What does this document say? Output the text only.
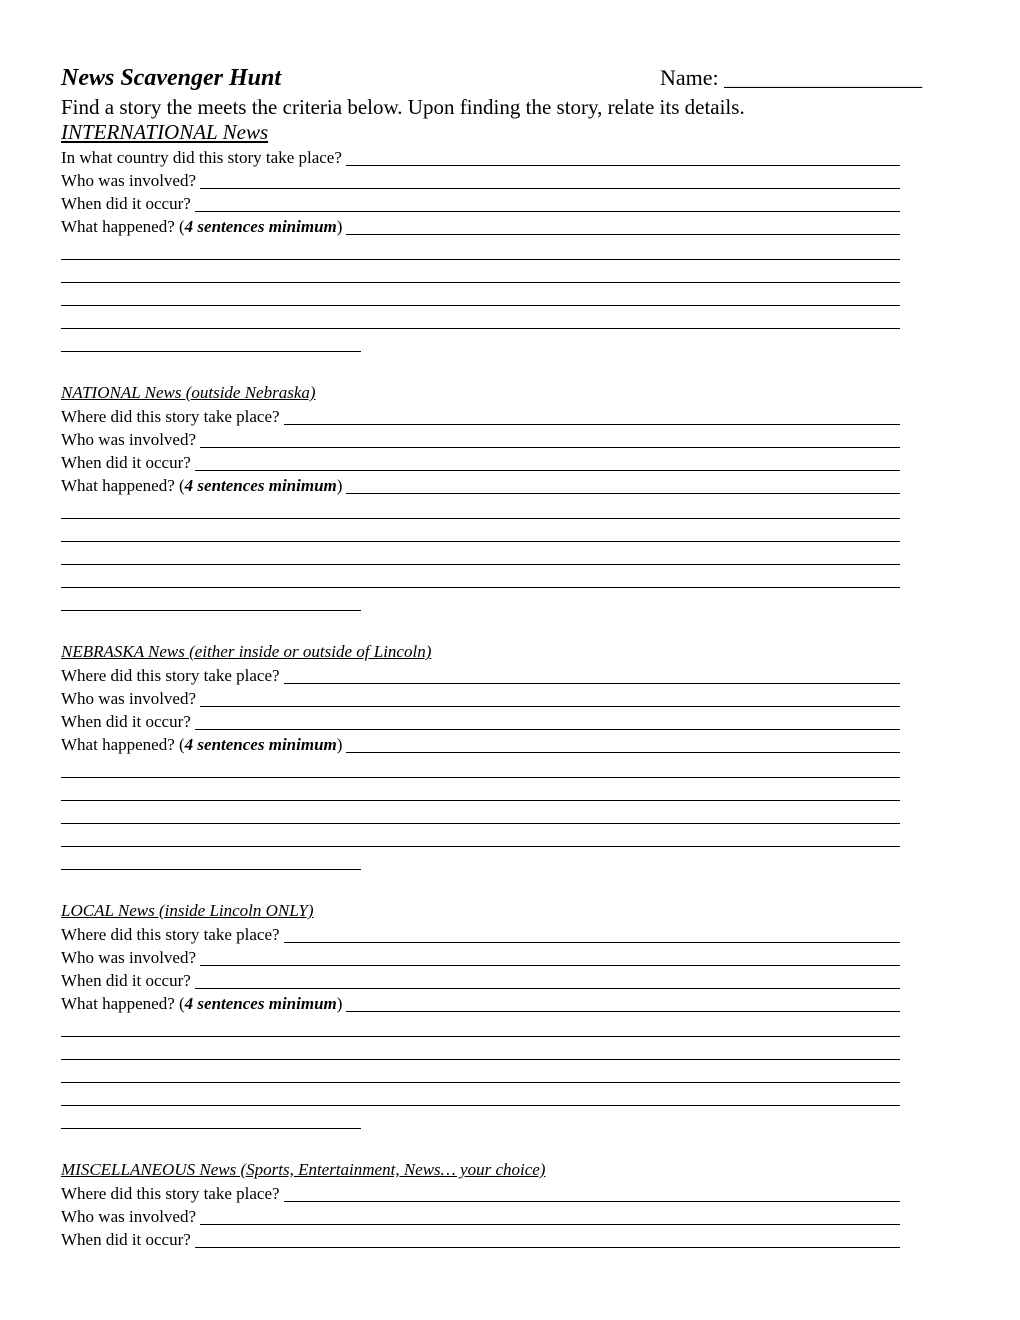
News Scavenger Hunt	Name: __________________
Find a story the meets the criteria below. Upon finding the story, relate its details.
INTERNATIONAL News
In what country did this story take place?
Who was involved?
When did it occur?
What happened? (4 sentences minimum)
NATIONAL News (outside Nebraska)
Where did this story take place?
Who was involved?
When did it occur?
What happened? (4 sentences minimum)
NEBRASKA News (either inside or outside of Lincoln)
Where did this story take place?
Who was involved?
When did it occur?
What happened? (4 sentences minimum)
LOCAL News (inside Lincoln ONLY)
Where did this story take place?
Who was involved?
When did it occur?
What happened? (4 sentences minimum)
MISCELLANEOUS News (Sports, Entertainment, News… your choice)
Where did this story take place?
Who was involved?
When did it occur?
